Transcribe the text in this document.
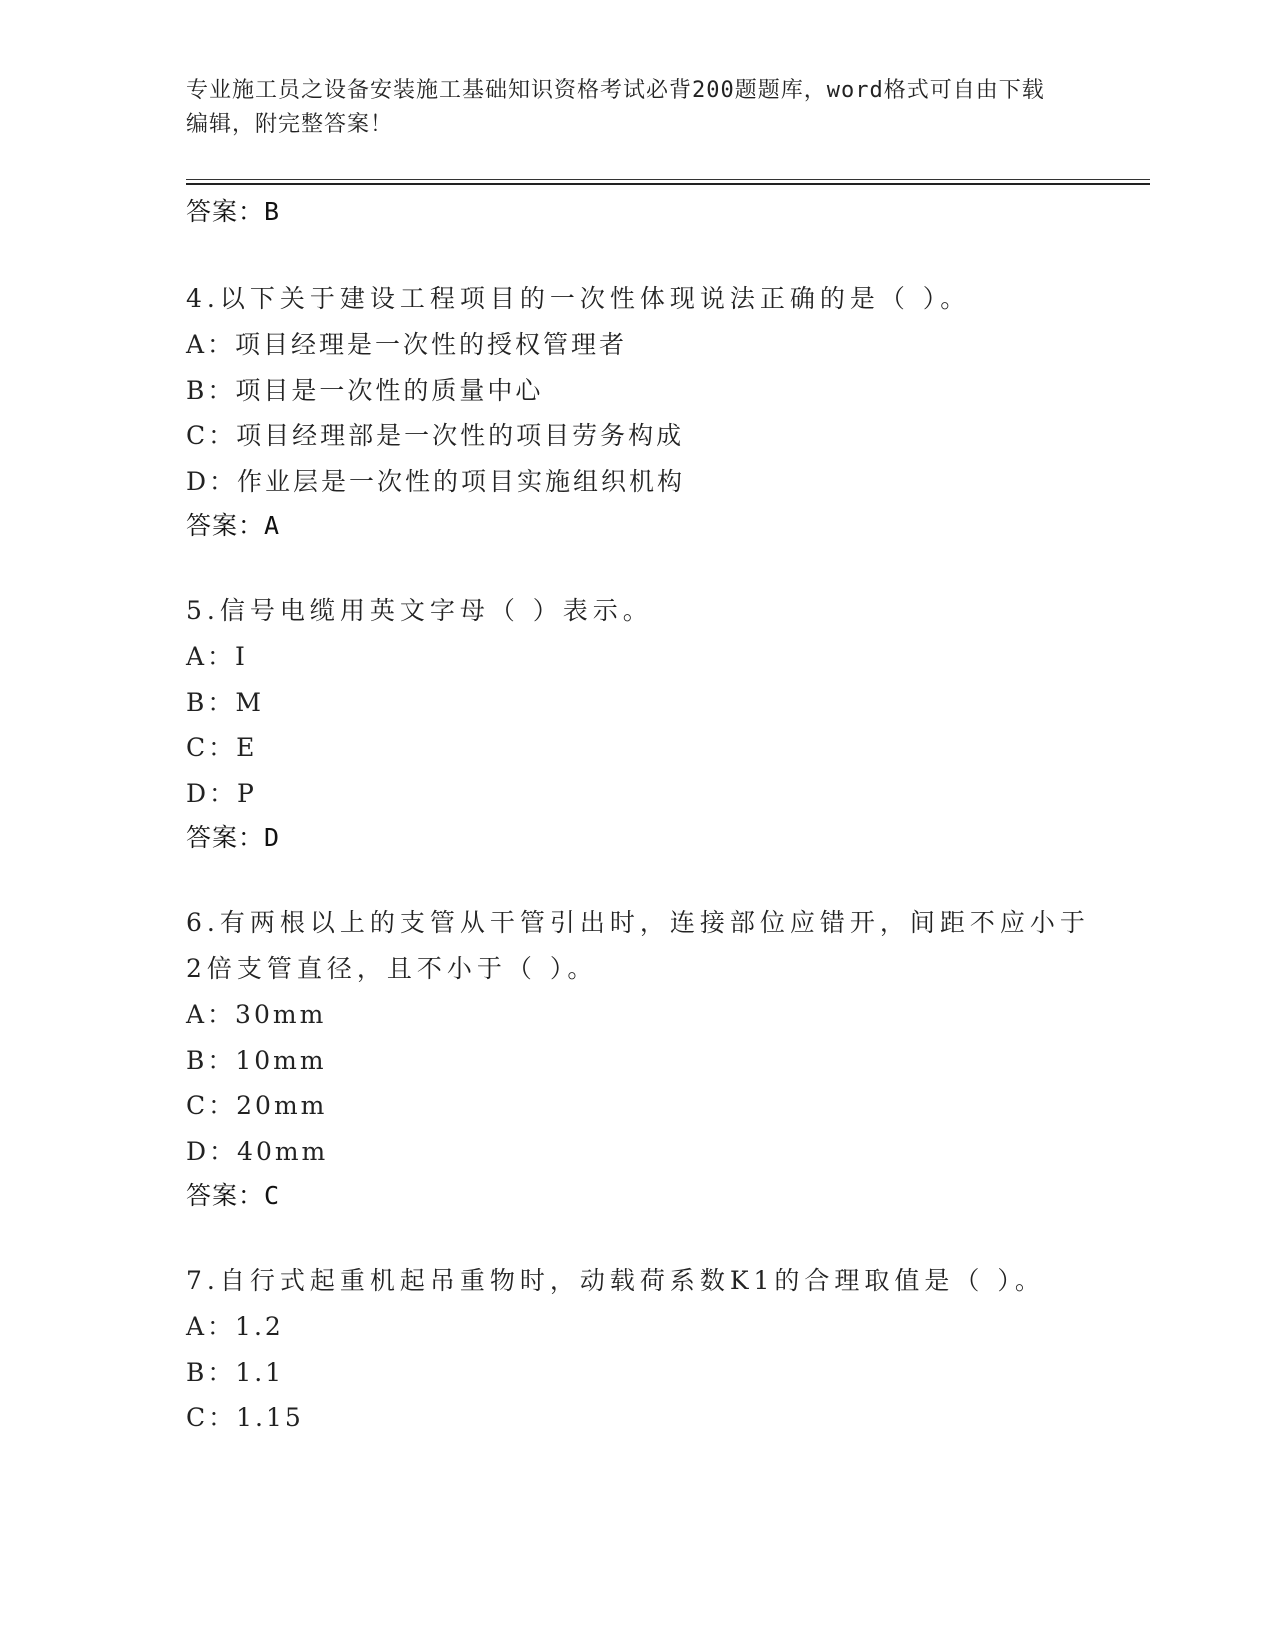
专业施工员之设备安装施工基础知识资格考试必背200题题库，word格式可自由下载编辑，附完整答案！
答案：B
4.以下关于建设工程项目的一次性体现说法正确的是（ ）。
A：项目经理是一次性的授权管理者
B：项目是一次性的质量中心
C：项目经理部是一次性的项目劳务构成
D：作业层是一次性的项目实施组织机构
答案：A
5.信号电缆用英文字母（ ）表示。
A：I
B：M
C：E
D：P
答案：D
6.有两根以上的支管从干管引出时，连接部位应错开，间距不应小于
2倍支管直径，且不小于（ ）。
A：30mm
B：10mm
C：20mm
D：40mm
答案：C
7.自行式起重机起吊重物时，动载荷系数K1的合理取值是（ ）。
A：1.2
B：1.1
C：1.15
